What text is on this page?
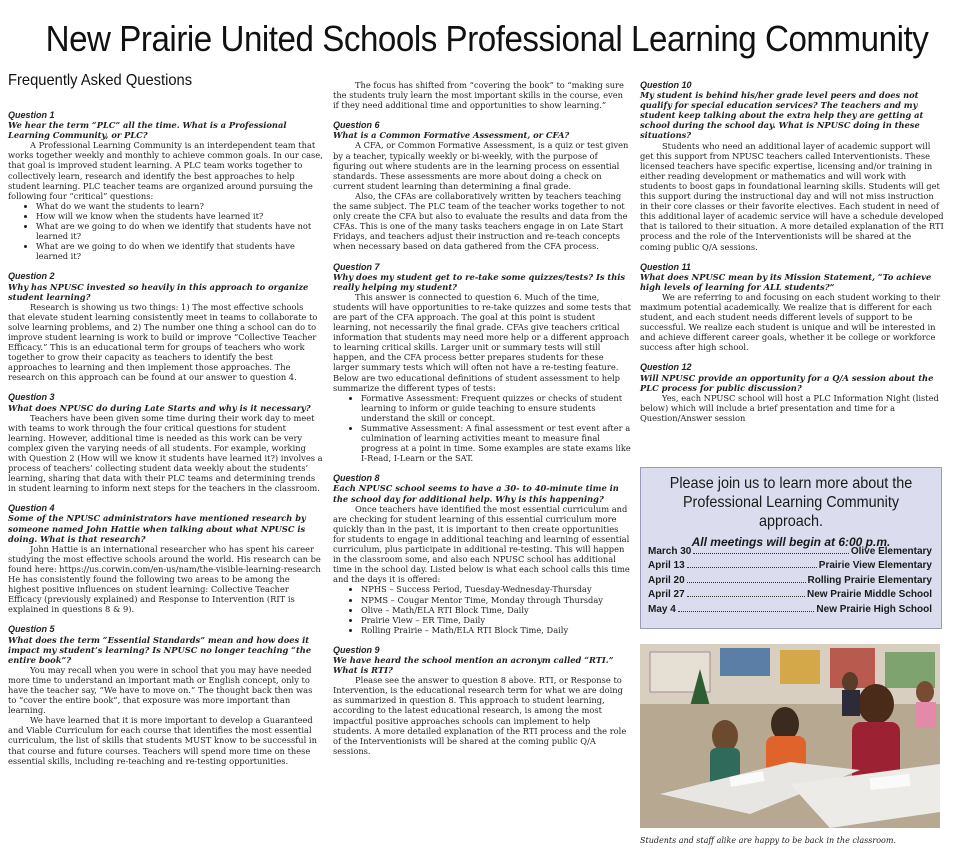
New Prairie United Schools Professional Learning Community
Frequently Asked Questions
Question 1
We hear the term “PLC” all the time. What is a Professional Learning Community, or PLC?

A Professional Learning Community is an interdependent team that works together weekly and monthly to achieve common goals. In our case, that goal is improved student learning. A PLC team works together to collectively learn, research and identify the best approaches to help student learning. PLC teacher teams are organized around pursuing the following four “critical” questions:

• What do we want the students to learn?
• How will we know when the students have learned it?
• What are we going to do when we identify that students have not learned it?
• What are we going to do when we identify that students have learned it?
Question 2
Why has NPUSC invested so heavily in this approach to organize student learning?

Research is showing us two things: 1) The most effective schools that elevate student learning consistently meet in teams to collaborate to solve learning problems, and 2) The number one thing a school can do to improve student learning is work to build or improve “Collective Teacher Efficacy.” This is an educational term for groups of teachers who work together to grow their capacity as teachers to identify the best approaches to learning and then implement those approaches. The research on this approach can be found at our answer to question 4.

Question 3
What does NPUSC do during Late Starts and why is it necessary?

Teachers have been given some time during their work day to meet with teams to work through the four critical questions for student learning. However, additional time is needed as this work can be very complex given the varying needs of all students. For example, working with Question 2 (How will we know it students have learned it?) involves a process of teachers’ collecting student data weekly about the students’ learning, sharing that data with their PLC teams and determining trends in student learning to inform next steps for the teachers in the classroom.

Question 4
Some of the NPUSC administrators have mentioned research by someone named John Hattie when talking about what NPUSC is doing. What is that research?

John Hattie is an international researcher who has spent his career studying the most effective schools around the world. His research can be found here: https://us.corwin.com/en-us/nam/the-visible-learning-research He has consistently found the following two areas to be among the highest positive influences on student learning: Collective Teacher Efficacy (previously explained) and Response to Intervention (RIT is explained in questions 8 & 9).

Question 5
What does the term “Essential Standards” mean and how does it impact my student’s learning? Is NPUSC no longer teaching “the entire book”?

You may recall when you were in school that you may have needed more time to understand an important math or English concept, only to have the teacher say, “We have to move on.” The thought back then was to “cover the entire book”, that exposure was more important than learning.

We have learned that it is more important to develop a Guaranteed and Viable Curriculum for each course that identifies the most essential curriculum, the list of skills that students MUST know to be successful in that course and future courses. Teachers will spend more time on these essential skills, including re-teaching and re-testing opportunities.

The focus has shifted from “covering the book” to “making sure the students truly learn the most important skills in the course, even if they need additional time and opportunities to show learning.”

Question 6
What is a Common Formative Assessment, or CFA?

A CFA, or Common Formative Assessment, is a quiz or test given by a teacher, typically weekly or bi-weekly, with the purpose of figuring out where students are in the learning process on essential standards. These assessments are more about doing a check on current student learning than determining a final grade.

Also, the CFAs are collaboratively written by teachers teaching the same subject. The PLC team of the teacher works together to not only create the CFA but also to evaluate the results and data from the CFAs. This is one of the many tasks teachers engage in on Late Start Fridays, and teachers adjust their instruction and re-teach concepts when necessary based on data gathered from the CFA process.

Question 7
Why does my student get to re-take some quizzes/tests? Is this really helping my student?

This answer is connected to question 6. Much of the time, students will have opportunities to re-take quizzes and some tests that are part of the CFA approach. The goal at this point is student learning, not necessarily the final grade. CFAs give teachers critical information that students may need more help or a different approach to learning critical skills. Larger unit or summary tests will still happen, and the CFA process better prepares students for these larger summary tests which will often not have a re-testing feature. Below are two educational definitions of student assessment to help summarize the different types of tests:

• Formative Assessment: Frequent quizzes or checks of student learning to inform or guide teaching to ensure students understand the skill or concept.
• Summative Assessment: A final assessment or test event after a culmination of learning activities meant to measure final progress at a point in time. Some examples are state exams like I-Read, I-Learn or the SAT.
Question 8
Each NPUSC school seems to have a 30- to 40-minute time in the school day for additional help. Why is this happening?

Once teachers have identified the most essential curriculum and are checking for student learning of this essential curriculum more quickly than in the past, it is important to then create opportunities for students to engage in additional teaching and learning of essential curriculum, plus participate in additional re-testing. This will happen in the classroom some, and also each NPUSC school has additional time in the school day. Listed below is what each school calls this time and the days it is offered:

• NPHS – Success Period, Tuesday-Wednesday-Thursday
• NPMS – Cougar Mentor Time, Monday through Thursday
• Olive – Math/ELA RTI Block Time, Daily
• Prairie View – ER Time, Daily
• Rolling Prairie – Math/ELA RTI Block Time, Daily
Question 9
We have heard the school mention an acronym called “RTI.” What is RTI?

Please see the answer to question 8 above. RTI, or Response to Intervention, is the educational research term for what we are doing as summarized in question 8. This approach to student learning, according to the latest educational research, is among the most impactful positive approaches schools can implement to help students. A more detailed explanation of the RTI process and the role of the Interventionists will be shared at the coming public Q/A sessions.

Question 10
My student is behind his/her grade level peers and does not qualify for special education services? The teachers and my student keep talking about the extra help they are getting at school during the school day. What is NPUSC doing in these situations?

Students who need an additional layer of academic support will get this support from NPUSC teachers called Interventionists. These licensed teachers have specific expertise, licensing and/or training in either reading development or mathematics and will work with students to boost gaps in foundational learning skills. Students will get this support during the instructional day and will not miss instruction in their core classes or their favorite electives. Each student in need of this additional layer of academic service will have a schedule developed that is tailored to their situation. A more detailed explanation of the RTI process and the role of the Interventionists will be shared at the coming public Q/A sessions.

Question 11
What does NPUSC mean by its Mission Statement, “To achieve high levels of learning for ALL students?”

We are referring to and focusing on each student working to their maximum potential academically. We realize that is different for each student, and each student needs different levels of support to be successful. We realize each student is unique and will be interested in and achieve different career goals, whether it be college or workforce success after high school.

Question 12
Will NPUSC provide an opportunity for a Q/A session about the PLC process for public discussion?

Yes, each NPUSC school will host a PLC Information Night (listed below) which will include a brief presentation and time for a Question/Answer session

Please join us to learn more about the Professional Learning Community approach.
All meetings will begin at 6:00 p.m.
March 30	Olive Elementary
April 13	Prairie View Elementary
April 20	Rolling Prairie Elementary
April 27	New Prairie Middle School
May 4	New Prairie High School
Students and staff alike are happy to be back in the classroom.
